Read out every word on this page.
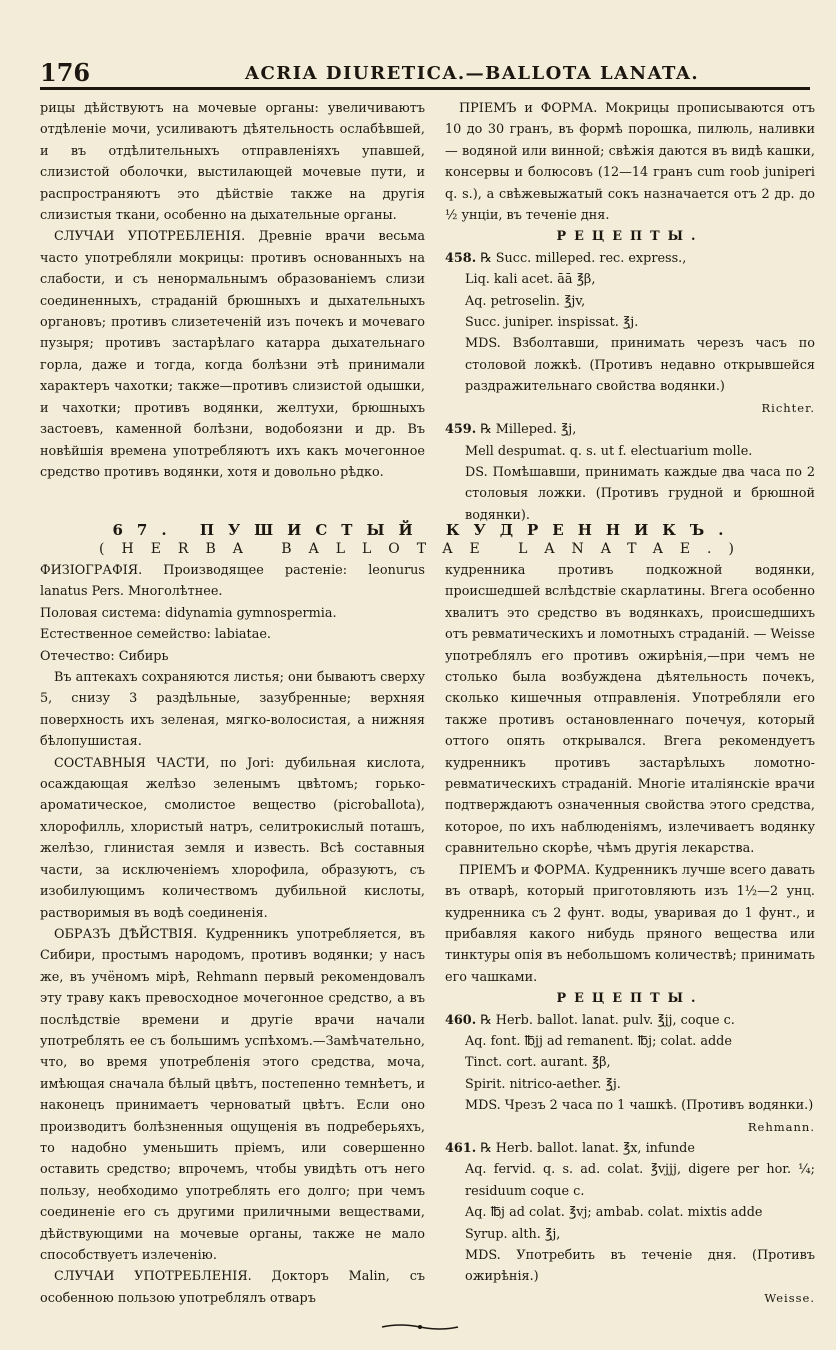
176	ACRIA DIURETICA.—BALLOTA LANATA.

рицы дѣйствуютъ на мочевые органы: увеличиваютъ отдѣленіе мочи, усиливаютъ дѣятельность ослабѣвшей, и въ отдѣлительныхъ отправленіяхъ упавшей, слизистой оболочки, выстилающей мочевые пути, и распространяютъ это дѣйствіе также на другія слизистыя ткани, особенно на дыхательные органы.

СЛУЧАИ УПОТРЕБЛЕНІЯ. Древніе врачи весьма часто употребляли мокрицы: противъ основанныхъ на слабости, и съ ненормальнымъ образованіемъ слизи соединенныхъ, страданій брюшныхъ и дыхательныхъ органовъ; противъ слизетеченій изъ почекъ и мочеваго пузыря; противъ застарѣлаго катарра дыхательнаго горла, даже и тогда, когда болѣзни этѣ принимали характеръ чахотки; также—противъ слизистой одышки, и чахотки; противъ водянки, желтухи, брюшныхъ застоевъ, каменной болѣзни, водобоязни и др. Въ новѣйшія времена употребляютъ ихъ какъ мочегонное средство противъ водянки, хотя и довольно рѣдко.

ПРІЕМЪ и ФОРМА. Мокрицы прописываются отъ 10 до 30 гранъ, въ формѣ порошка, пилюль, наливки — водяной или винной; свѣжія даются въ видѣ кашки, консервы и болюсовъ (12—14 гранъ cum roob juniperi q. s.), а свѣжевыжатый сокъ назначается отъ 2 др. до ½ унціи, въ теченіе дня.

РЕЦЕПТЫ.

458. ℞ Succ. milleped. rec. express.,
Liq. kali acet. āā ℥β,
Aq. petroselin. ℥jv,
Succ. juniper. inspissat. ℥j.
MDS. Взболтавши, принимать черезъ часъ по столовой ложкѣ. (Противъ недавно открывшейся раздражительнаго свойства водянки.)
Richter.
459. ℞ Milleped. ℥j,
Mell despumat. q. s. ut f. electuarium molle.
DS. Помѣшавши, принимать каждые два часа по 2 столовыя ложки. (Противъ грудной и брюшной водянки).
67. ПУШИСТЫЙ КУДРЕННИКЪ.
(HERBA BALLOTAE LANATAE.)

ФИЗІОГРАФІЯ. Производящее растеніе: leonurus lanatus Pers. Многолѣтнее.

Половая система: didynamia gymnospermia.

Естественное семейство: labiatae.

Отечество: Сибирь

Въ аптекахъ сохраняются листья; они бываютъ сверху 5, снизу 3 раздѣльные, зазубренные; верхняя поверхность ихъ зеленая, мягко-волосистая, а нижняя бѣлопушистая.

СОСТАВНЫЯ ЧАСТИ, по Jori: дубильная кислота, осаждающая желѣзо зеленымъ цвѣтомъ; горько-ароматическое, смолистое вещество (picroballota), хлорофилль, хлористый натръ, селитрокислый поташъ, желѣзо, глинистая земля и известь. Всѣ составныя части, за исключеніемъ хлорофила, образуютъ, съ изобилующимъ количествомъ дубильной кислоты, растворимыя въ водѣ соединенія.

ОБРАЗЪ ДѢЙСТВІЯ. Кудренникъ употребляется, въ Сибири, простымъ народомъ, противъ водянки; у насъ же, въ учёномъ мірѣ, Rehmann первый рекомендовалъ эту траву какъ превосходное мочегонное средство, а въ послѣдствіе времени и другіе врачи начали употреблять ее съ большимъ успѣхомъ.—Замѣчательно, что, во время употребленія этого средства, моча, имѣющая сначала бѣлый цвѣтъ, постепенно темнѣетъ, и наконецъ принимаетъ черноватый цвѣтъ. Если оно производитъ болѣзненныя ощущенія въ подреберьяхъ, то надобно уменьшить пріемъ, или совершенно оставить средство; впрочемъ, чтобы увидѣть отъ него пользу, необходимо употреблять его долго; при чемъ соединеніе его съ другими приличными веществами, дѣйствующими на мочевые органы, также не мало способствуетъ излеченію.

СЛУЧАИ УПОТРЕБЛЕНІЯ. Докторъ Malin, съ особенною пользою употреблялъ отваръ

кудренника противъ подкожной водянки, происшедшей вслѣдствіе скарлатины. Вгега особенно хвалитъ это средство въ водянкахъ, происшедшихъ отъ ревматическихъ и ломотныхъ страданій. — Weisse употреблялъ его противъ ожирѣнія,—при чемъ не столько была возбуждена дѣятельность почекъ, сколько кишечныя отправленія. Употребляли его также противъ остановленнаго почечуя, который оттого опять открывался. Вгега рекомендуетъ кудренникъ противъ застарѣлыхъ ломотно-ревматическихъ страданій. Многіе италіянскіе врачи подтверждаютъ означенныя свойства этого средства, которое, по ихъ наблюденіямъ, излечиваетъ водянку сравнительно скорѣе, чѣмъ другія лекарства.

ПРІЕМЪ и ФОРМА. Кудренникъ лучше всего давать въ отварѣ, который приготовляють изъ 1½—2 унц. кудренника съ 2 фунт. воды, уваривая до 1 фунт., и прибавляя какого нибудь пряного вещества или тинктуры опія въ небольшомъ количествѣ; принимать его чашками.

РЕЦЕПТЫ.

460. ℞ Herb. ballot. lanat. pulv. ℥jj, coque c.
Aq. font. ℔jj ad remanent. ℔j; colat. adde
Tinct. cort. aurant. ℥β,
Spirit. nitrico-aether. ℥j.
MDS. Чрезъ 2 часа по 1 чашкѣ. (Противъ водянки.)
Rehmann.
461. ℞ Herb. ballot. lanat. ℥x, infunde
Aq. fervid. q. s. ad. colat. ℥vjjj, digere per hor. ¼; residuum coque c.
Aq. ℔j ad colat. ℥vj; ambab. colat. mixtis adde
Syrup. alth. ℥j,
MDS. Употребить въ теченіе дня. (Противъ ожирѣнія.)
Weisse.
